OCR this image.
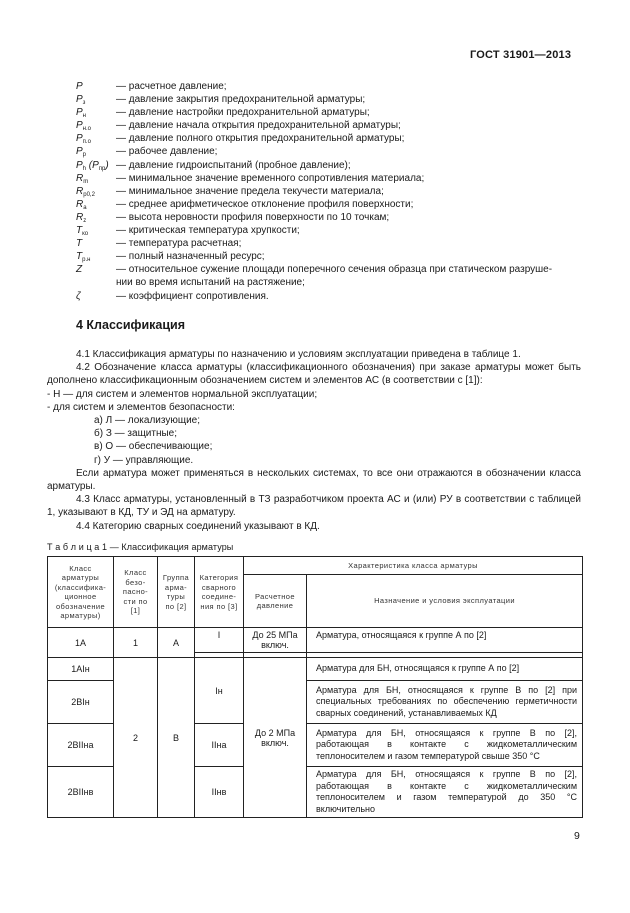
ГОСТ 31901—2013
P	— расчетное давление;
$P_з$	— давление закрытия предохранительной арматуры;
$P_н$	— давление настройки предохранительной арматуры;
$P_{н.о}$	— давление начала открытия предохранительной арматуры;
$P_{п.о}$	— давление полного открытия предохранительной арматуры;
$P_р$	— рабочее давление;
$P_h$ $(P_{пр})$ — давление гидроиспытаний (пробное давление);
$R_m$	— минимальное значение временного сопротивления материала;
$R_{p0,2}$ — минимальное значение предела текучести материала;
$R_a$	— среднее арифметическое отклонение профиля поверхности;
$R_z$	— высота неровности профиля поверхности по 10 точкам;
$T_{ко}$	— критическая температура хрупкости;
T	— температура расчетная;
$T_{р.н}$	— полный назначенный ресурс;
Z	— относительное сужение площади поперечного сечения образца при статическом разруше-
нии во время испытаний на растяжение;
ζ	— коэффициент сопротивления.
4 Классификация
4.1 Классификация арматуры по назначению и условиям эксплуатации приведена в таблице 1.
4.2 Обозначение класса арматуры (классификационного обозначения) при заказе арматуры может быть дополнено классификационным обозначением систем и элементов АС (в соответствии с [1]):
- Н — для систем и элементов нормальной эксплуатации;
- для систем и элементов безопасности:
а) Л — локализующие;
б) З — защитные;
в) О — обеспечивающие;
г) У — управляющие.
Если арматура может применяться в нескольких системах, то все они отражаются в обозначении класса арматуры.
4.3 Класс арматуры, установленный в ТЗ разработчиком проекта АС и (или) РУ в соответствии с таблицей 1, указывают в КД, ТУ и ЭД на арматуру.
4.4 Категорию сварных соединений указывают в КД.
Т а б л и ц а 1 — Классификация арматуры
Класс арматуры (классифика-ционное обозначение арматуры)	Класс безо-пасно-сти по [1]	Группа арма-туры по [2]	Категория сварного соедине-ния по [3]	Характеристика класса арматуры	
				Расчетное давление	Назначение и условия эксплуатации
1А	1	А	I	До 25 МПа включ.	Арматура, относящаяся к группе А по [2]

1АIн	2	В	Iн	До 2 МПа включ.	Арматура для БН, относящаяся к группе А по [2]
2ВIн					Арматура для БН, относящаяся к группе В по [2] при специальных требованиях по обеспечению герметичности сварных соединений, устанавливаемых КД
2ВIIна			IIна		Арматура для БН, относящаяся к группе В по [2], работающая в контакте с жидкометаллическим теплоносителем и газом температурой свыше 350 °С
2ВIIнв			IIнв		Арматура для БН, относящаяся к группе В по [2], работающая в контакте с жидкометаллическим теплоносителем и газом температурой до 350 °С включительно
9
